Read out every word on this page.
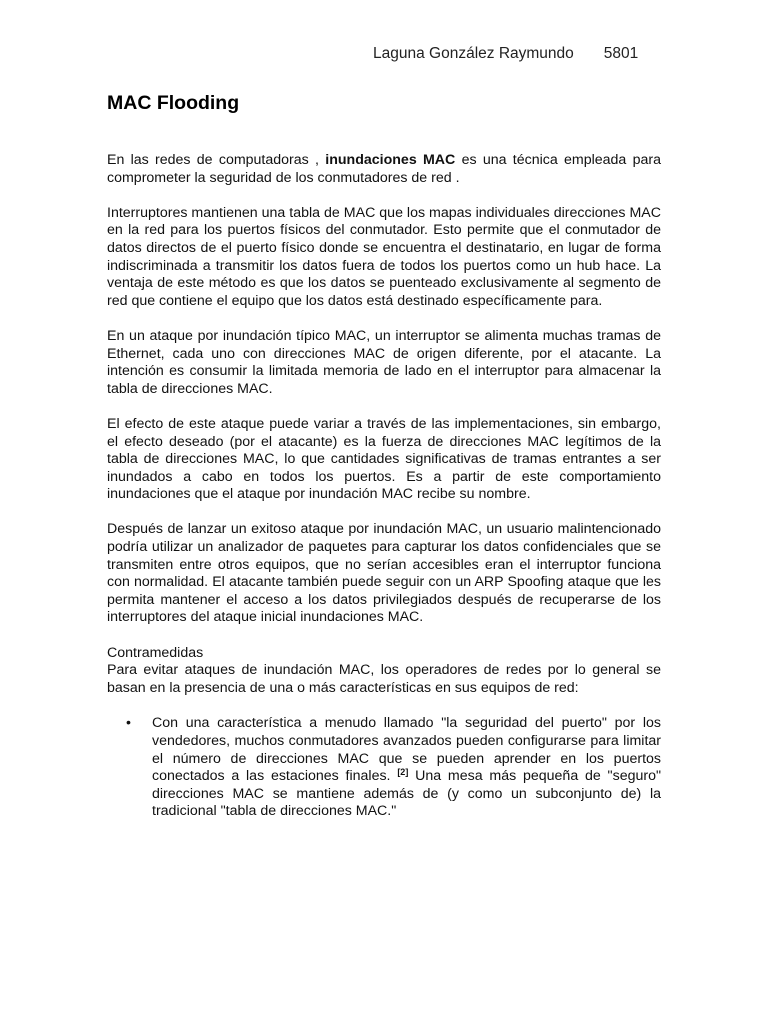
Laguna González Raymundo 5801
MAC Flooding

En las redes de computadoras , inundaciones MAC es una técnica empleada para comprometer la seguridad de los conmutadores de red .

Interruptores mantienen una tabla de MAC que los mapas individuales direcciones MAC en la red para los puertos físicos del conmutador. Esto permite que el conmutador de datos directos de el puerto físico donde se encuentra el destinatario, en lugar de forma indiscriminada a transmitir los datos fuera de todos los puertos como un hub hace. La ventaja de este método es que los datos se puenteado exclusivamente al segmento de red que contiene el equipo que los datos está destinado específicamente para.

En un ataque por inundación típico MAC, un interruptor se alimenta muchas tramas de Ethernet, cada uno con direcciones MAC de origen diferente, por el atacante. La intención es consumir la limitada memoria de lado en el interruptor para almacenar la tabla de direcciones MAC.

El efecto de este ataque puede variar a través de las implementaciones, sin embargo, el efecto deseado (por el atacante) es la fuerza de direcciones MAC legítimos de la tabla de direcciones MAC, lo que cantidades significativas de tramas entrantes a ser inundados a cabo en todos los puertos. Es a partir de este comportamiento inundaciones que el ataque por inundación MAC recibe su nombre.

Después de lanzar un exitoso ataque por inundación MAC, un usuario malintencionado podría utilizar un analizador de paquetes para capturar los datos confidenciales que se transmiten entre otros equipos, que no serían accesibles eran el interruptor funciona con normalidad. El atacante también puede seguir con un ARP Spoofing ataque que les permita mantener el acceso a los datos privilegiados después de recuperarse de los interruptores del ataque inicial inundaciones MAC.

Contramedidas

Para evitar ataques de inundación MAC, los operadores de redes por lo general se basan en la presencia de una o más características en sus equipos de red:

• Con una característica a menudo llamado "la seguridad del puerto" por los vendedores, muchos conmutadores avanzados pueden configurarse para limitar el número de direcciones MAC que se pueden aprender en los puertos conectados a las estaciones finales. [2] Una mesa más pequeña de "seguro" direcciones MAC se mantiene además de (y como un subconjunto de) la tradicional "tabla de direcciones MAC."
